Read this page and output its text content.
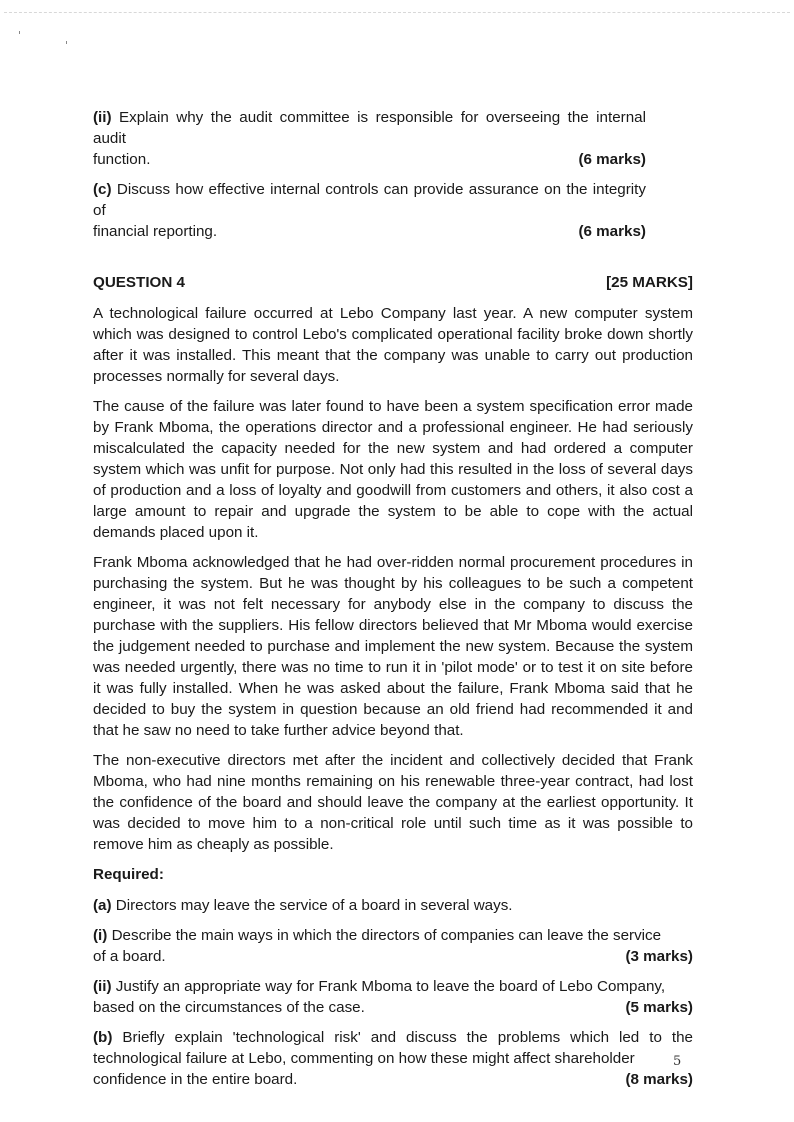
(ii) Explain why the audit committee is responsible for overseeing the internal audit
function.	(6 marks)
(c) Discuss how effective internal controls can provide assurance on the integrity of
financial reporting.	(6 marks)
QUESTION 4	[25 MARKS]

A technological failure occurred at Lebo Company last year. A new computer system which was designed to control Lebo's complicated operational facility broke down shortly after it was installed. This meant that the company was unable to carry out production processes normally for several days.

The cause of the failure was later found to have been a system specification error made by Frank Mboma, the operations director and a professional engineer. He had seriously miscalculated the capacity needed for the new system and had ordered a computer system which was unfit for purpose. Not only had this resulted in the loss of several days of production and a loss of loyalty and goodwill from customers and others, it also cost a large amount to repair and upgrade the system to be able to cope with the actual demands placed upon it.

Frank Mboma acknowledged that he had over-ridden normal procurement procedures in purchasing the system. But he was thought by his colleagues to be such a competent engineer, it was not felt necessary for anybody else in the company to discuss the purchase with the suppliers. His fellow directors believed that Mr Mboma would exercise the judgement needed to purchase and implement the new system. Because the system was needed urgently, there was no time to run it in 'pilot mode' or to test it on site before it was fully installed. When he was asked about the failure, Frank Mboma said that he decided to buy the system in question because an old friend had recommended it and that he saw no need to take further advice beyond that.

The non-executive directors met after the incident and collectively decided that Frank Mboma, who had nine months remaining on his renewable three-year contract, had lost the confidence of the board and should leave the company at the earliest opportunity. It was decided to move him to a non-critical role until such time as it was possible to remove him as cheaply as possible.

Required:
(a) Directors may leave the service of a board in several ways.
(i) Describe the main ways in which the directors of companies can leave the service
of a board.	(3 marks)
(ii) Justify an appropriate way for Frank Mboma to leave the board of Lebo Company,
based on the circumstances of the case.	(5 marks)
(b) Briefly explain 'technological risk' and discuss the problems which led to the technological failure at Lebo, commenting on how these might affect shareholder
confidence in the entire board.	(8 marks)
5
